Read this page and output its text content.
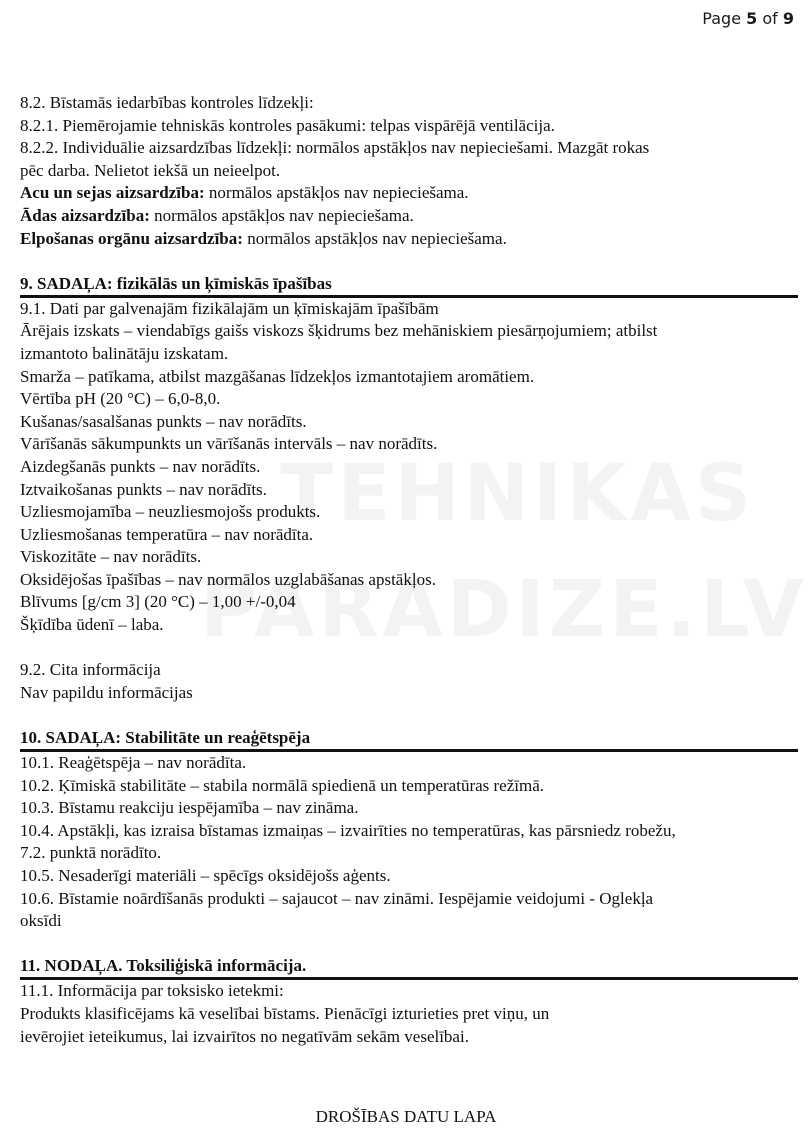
Page 5 of 9
8.2. Bīstamās iedarbības kontroles līdzekļi:
8.2.1. Piemērojamie tehniskās kontroles pasākumi: telpas vispārējā ventilācija.
8.2.2. Individuālie aizsardzības līdzekļi: normālos apstākļos nav nepieciešami. Mazgāt rokas
pēc darba. Nelietot iekšā un neieelpot.
Acu un sejas aizsardzība: normālos apstākļos nav nepieciešama.
Ādas aizsardzība: normālos apstākļos nav nepieciešama.
Elpošanas orgānu aizsardzība: normālos apstākļos nav nepieciešama.
9. SADAĻA: fizikālās un ķīmiskās īpašības
9.1. Dati par galvenajām fizikālajām un ķīmiskajām īpašībām
Ārējais izskats – viendabīgs gaišs viskozs šķidrums bez mehāniskiem piesārņojumiem; atbilst
izmantoto balinātāju izskatam.
Smarža – patīkama, atbilst mazgāšanas līdzekļos izmantotajiem aromātiem.
Vērtība pH (20 °C) – 6,0-8,0.
Kušanas/sasalšanas punkts – nav norādīts.
Vārīšanās sākumpunkts un vārīšanās intervāls – nav norādīts.
Aizdegšanās punkts – nav norādīts.
Iztvaikošanas punkts – nav norādīts.
Uzliesmojamība – neuzliesmojošs produkts.
Uzliesmošanas temperatūra – nav norādīta.
Viskozitāte – nav norādīts.
Oksidējošas īpašības – nav normālos uzglabāšanas apstākļos.
Blīvums [g/cm 3] (20 °C) – 1,00 +/-0,04
Šķīdība ūdenī – laba.
9.2. Cita informācija
Nav papildu informācijas
10. SADAĻA: Stabilitāte un reaģētspēja
10.1. Reaģētspēja – nav norādīta.
10.2. Ķīmiskā stabilitāte – stabila normālā spiedienā un temperatūras režīmā.
10.3. Bīstamu reakciju iespējamība – nav zināma.
10.4. Apstākļi, kas izraisa bīstamas izmaiņas – izvairīties no temperatūras, kas pārsniedz robežu,
7.2. punktā norādīto.
10.5. Nesaderīgi materiāli – spēcīgs oksidējošs aģents.
10.6. Bīstamie noārdīšanās produkti – sajaucot – nav zināmi. Iespējamie veidojumi - Oglekļa
oksīdi
11. NODAĻA. Toksiliģiskā informācija.
11.1. Informācija par toksisko ietekmi:
Produkts klasificējams kā veselībai bīstams. Pienācīgi izturieties pret viņu, un
ievērojiet ieteikumus, lai izvairītos no negatīvām sekām veselībai.
DROŠĪBAS DATU LAPA
